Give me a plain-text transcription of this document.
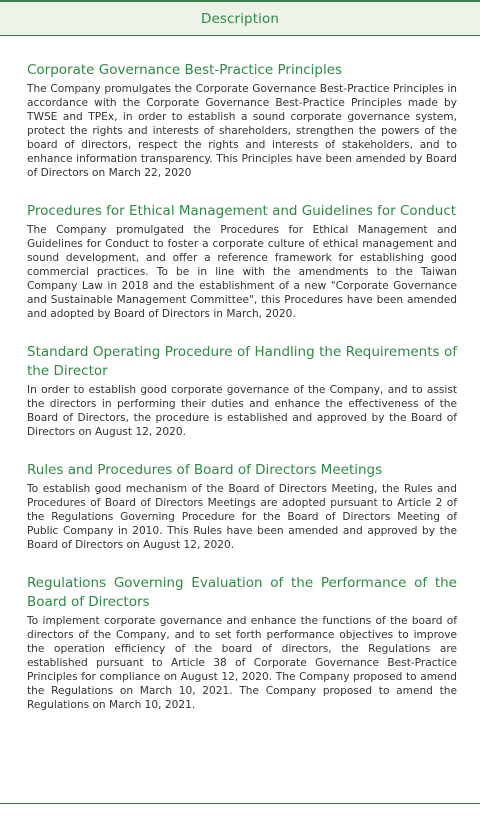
Description
Corporate Governance Best-Practice Principles

The Company promulgates the Corporate Governance Best-Practice Principles in accordance with the Corporate Governance Best-Practice Principles made by TWSE and TPEx, in order to establish a sound corporate governance system, protect the rights and interests of shareholders, strengthen the powers of the board of directors, respect the rights and interests of stakeholders, and to enhance information transparency. This Principles have been amended by Board of Directors on March 22, 2020

Procedures for Ethical Management and Guidelines for Conduct

The Company promulgated the Procedures for Ethical Management and Guidelines for Conduct to foster a corporate culture of ethical management and sound development, and offer a reference framework for establishing good commercial practices. To be in line with the amendments to the Taiwan Company Law in 2018 and the establishment of a new "Corporate Governance and Sustainable Management Committee", this Procedures have been amended and adopted by Board of Directors in March, 2020.

Standard Operating Procedure of Handling the Requirements of the Director

In order to establish good corporate governance of the Company, and to assist the directors in performing their duties and enhance the effectiveness of the Board of Directors, the procedure is established and approved by the Board of Directors on August 12, 2020.

Rules and Procedures of Board of Directors Meetings

To establish good mechanism of the Board of Directors Meeting, the Rules and Procedures of Board of Directors Meetings are adopted pursuant to Article 2 of the Regulations Governing Procedure for the Board of Directors Meeting of Public Company in 2010. This Rules have been amended and approved by the Board of Directors on August 12, 2020.

Regulations Governing Evaluation of the Performance of the Board of Directors

To implement corporate governance and enhance the functions of the board of directors of the Company, and to set forth performance objectives to improve the operation efficiency of the board of directors, the Regulations are established pursuant to Article 38 of Corporate Governance Best-Practice Principles for compliance on August 12, 2020. The Company proposed to amend the Regulations on March 10, 2021. The Company proposed to amend the Regulations on March 10, 2021.
